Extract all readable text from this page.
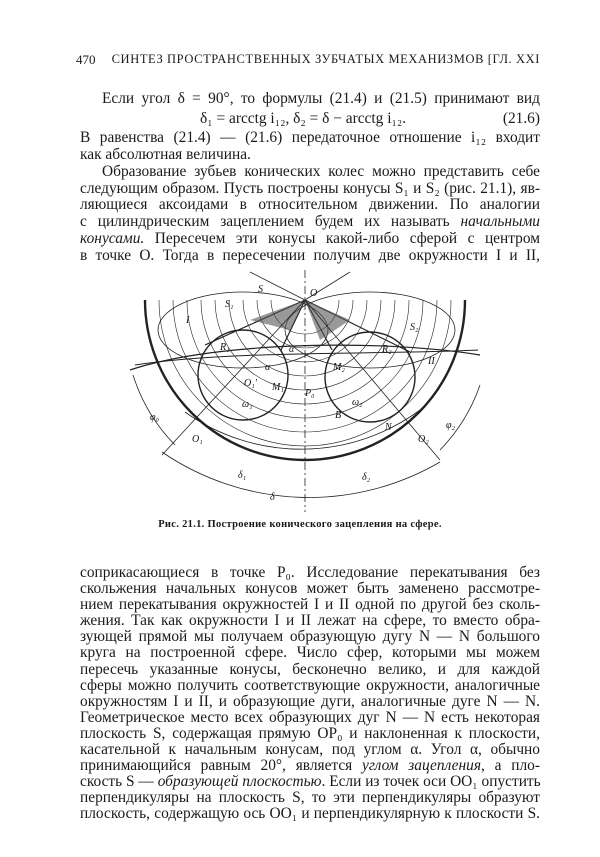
470 СИНТЕЗ ПРОСТРАНСТВЕННЫХ ЗУБЧАТЫХ МЕХАНИЗМОВ [ГЛ. XXI
Если угол δ = 90°, то формулы (21.4) и (21.5) принимают вид
δ₁ = arcctg i₁₂, δ₂ = δ − arcctg i₁₂.	(21.6)
В равенства (21.4) — (21.6) передаточное отношение i₁₂ входит
как абсолютная величина.
Образование зубьев конических колес можно представить себе
следующим образом. Пусть построены конусы S₁ и S₂ (рис. 21.1), яв-
ляющиеся аксоидами в относительном движении. По аналогии
с цилиндрическим зацеплением будем их называть начальными
конусами. Пересечем эти конусы какой-либо сферой с центром
в точке O. Тогда в пересечении получим две окружности I и II,
S	O
S₁
S₂
I
II
R₁	R₂
α
α
O₁′ M₁
M₂
P₀
ω₁	ω₂
B
N
φ₀
φ₂
O₁	O₂
δ₁	δ₂
δ
Рис. 21.1. Построение конического зацепления на сфере.
соприкасающиеся в точке P₀. Исследование перекатывания без
скольжения начальных конусов может быть заменено рассмотре-
нием перекатывания окружностей I и II одной по другой без сколь-
жения. Так как окружности I и II лежат на сфере, то вместо обра-
зующей прямой мы получаем образующую дугу N — N большого
круга на построенной сфере. Число сфер, которыми мы можем
пересечь указанные конусы, бесконечно велико, и для каждой
сферы можно получить соответствующие окружности, аналогичные
окружностям I и II, и образующие дуги, аналогичные дуге N — N.
Геометрическое место всех образующих дуг N — N есть некоторая
плоскость S, содержащая прямую OP₀ и наклоненная к плоскости,
касательной к начальным конусам, под углом α. Угол α, обычно
принимающийся равным 20°, является углом зацепления, а пло-
скость S — образующей плоскостью. Если из точек оси OO₁ опустить
перпендикуляры на плоскость S, то эти перпендикуляры образуют
плоскость, содержащую ось OO₁ и перпендикулярную к плоскости S.
